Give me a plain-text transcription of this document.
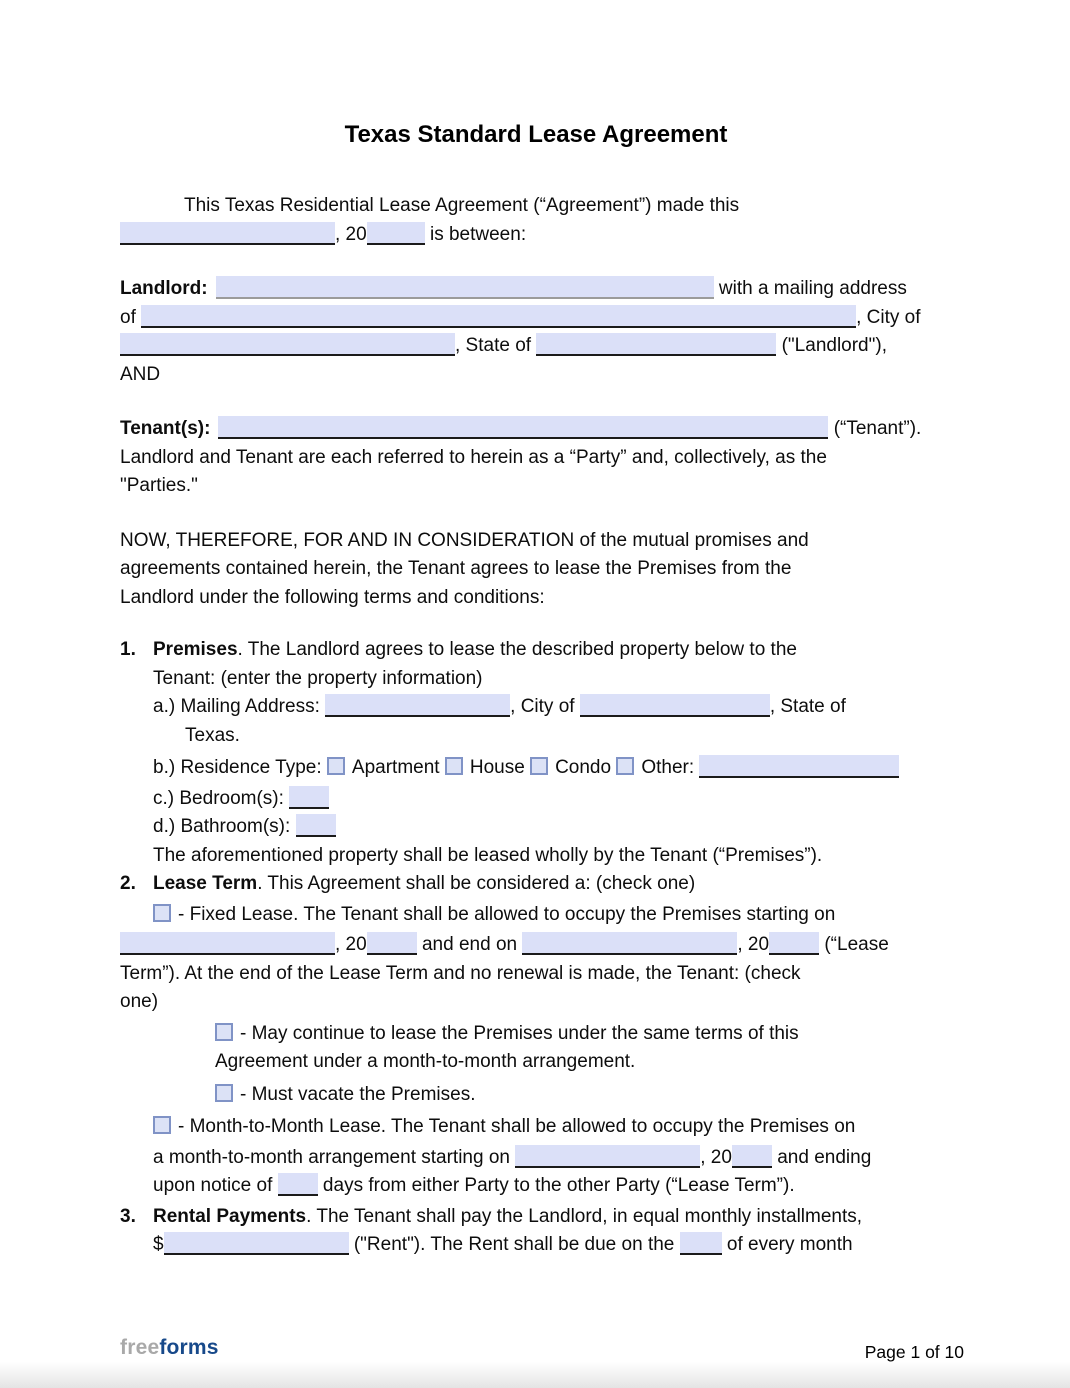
Texas Standard Lease Agreement
This Texas Residential Lease Agreement (“Agreement”) made this
, 20	is between:
Landlord:	with a mailing address
of	, City of
, State of	("Landlord"),
AND
Tenant(s):	(“Tenant”).
Landlord and Tenant are each referred to herein as a “Party” and, collectively, as the
"Parties."
NOW, THEREFORE, FOR AND IN CONSIDERATION of the mutual promises and
agreements contained herein, the Tenant agrees to lease the Premises from the
Landlord under the following terms and conditions:
1. Premises. The Landlord agrees to lease the described property below to the
Tenant: (enter the property information)
a.) Mailing Address:	, City of	, State of
Texas.
b.) Residence Type: Apartment House Condo Other:
c.) Bedroom(s):
d.) Bathroom(s):
The aforementioned property shall be leased wholly by the Tenant (“Premises”).
2. Lease Term. This Agreement shall be considered a: (check one)
- Fixed Lease. The Tenant shall be allowed to occupy the Premises starting on
, 20	and end on	, 20	(“Lease
Term”). At the end of the Lease Term and no renewal is made, the Tenant: (check
one)
- May continue to lease the Premises under the same terms of this
Agreement under a month-to-month arrangement.
- Must vacate the Premises.
- Month-to-Month Lease. The Tenant shall be allowed to occupy the Premises on
a month-to-month arrangement starting on	, 20 and ending
upon notice of  days from either Party to the other Party (“Lease Term”).
3. Rental Payments. The Tenant shall pay the Landlord, in equal monthly installments,
$	("Rent"). The Rent shall be due on the  of every month
freeforms	Page 1 of 10
